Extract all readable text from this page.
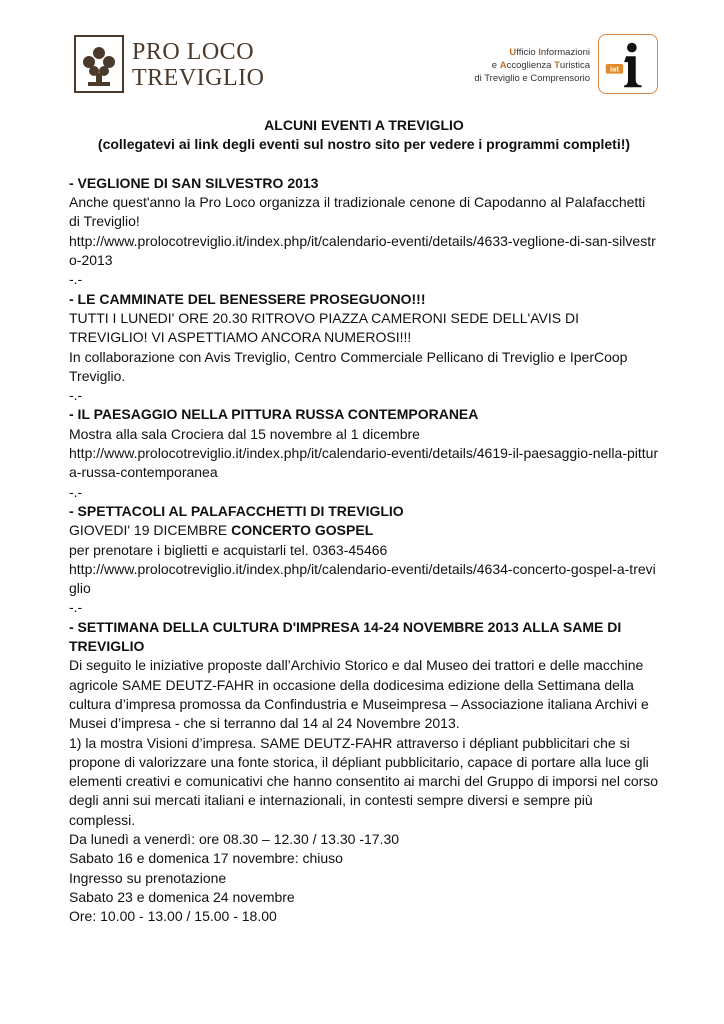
PRO LOCO
TREVIGLIO
Ufficio Informazioni
e Accoglienza Turistica
di Treviglio e Comprensorio
iat

ALCUNI EVENTI A TREVIGLIO

(collegatevi ai link degli eventi sul nostro sito per vedere i programmi completi!)

- VEGLIONE DI SAN SILVESTRO 2013

Anche quest'anno la Pro Loco organizza il tradizionale cenone di Capodanno al Palafacchetti di Treviglio!

http://www.prolocotreviglio.it/index.php/it/calendario-eventi/details/4633-veglione-di-san-silvestro-2013

-.-

- LE CAMMINATE DEL BENESSERE PROSEGUONO!!!

TUTTI I LUNEDI' ORE 20.30 RITROVO PIAZZA CAMERONI SEDE DELL'AVIS DI TREVIGLIO! VI ASPETTIAMO ANCORA NUMEROSI!!!

In collaborazione con Avis Treviglio, Centro Commerciale Pellicano di Treviglio e IperCoop Treviglio.

-.-

- IL PAESAGGIO NELLA PITTURA RUSSA CONTEMPORANEA

Mostra alla sala Crociera dal 15 novembre al 1 dicembre

http://www.prolocotreviglio.it/index.php/it/calendario-eventi/details/4619-il-paesaggio-nella-pittura-russa-contemporanea

-.-

- SPETTACOLI AL PALAFACCHETTI DI TREVIGLIO

GIOVEDI' 19 DICEMBRE CONCERTO GOSPEL

per prenotare i biglietti e acquistarli tel. 0363-45466

http://www.prolocotreviglio.it/index.php/it/calendario-eventi/details/4634-concerto-gospel-a-treviglio

-.-

- SETTIMANA DELLA CULTURA D'IMPRESA 14-24 NOVEMBRE 2013 ALLA SAME DI TREVIGLIO

Di seguito le iniziative proposte dall’Archivio Storico e dal Museo dei trattori e delle macchine agricole SAME DEUTZ-FAHR in occasione della dodicesima edizione della Settimana della cultura d’impresa promossa da Confindustria e Museimpresa – Associazione italiana Archivi e Musei d’impresa - che si terranno dal 14 al 24 Novembre 2013.

1) la mostra Visioni d’impresa. SAME DEUTZ-FAHR attraverso i dépliant pubblicitari che si propone di valorizzare una fonte storica, il dépliant pubblicitario, capace di portare alla luce gli elementi creativi e comunicativi che hanno consentito ai marchi del Gruppo di imporsi nel corso degli anni sui mercati italiani e internazionali, in contesti sempre diversi e sempre più complessi.

Da lunedì a venerdì: ore 08.30 – 12.30 / 13.30 -17.30

Sabato 16 e domenica 17 novembre: chiuso

Ingresso su prenotazione

Sabato 23 e domenica 24 novembre

Ore: 10.00 - 13.00 / 15.00 - 18.00
